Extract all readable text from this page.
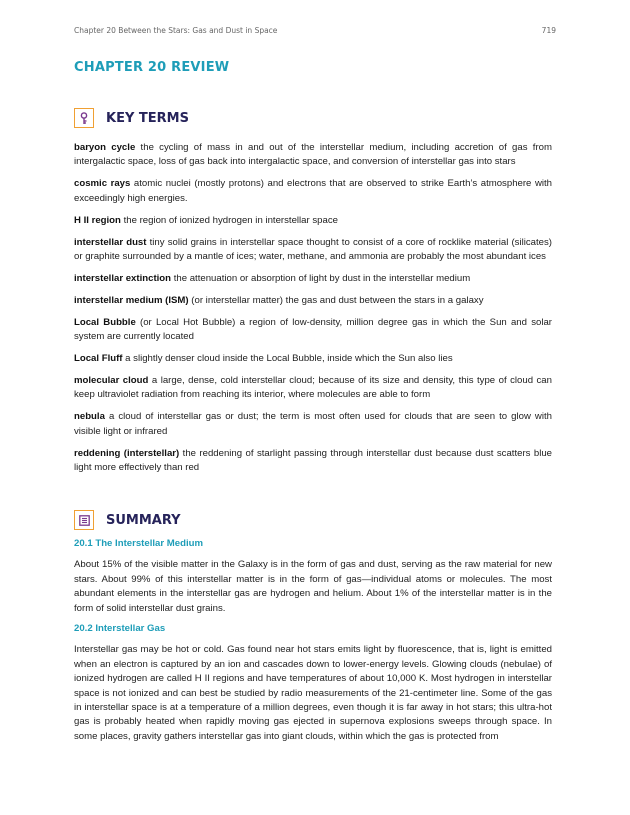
Chapter 20 Between the Stars: Gas and Dust in Space	719
CHAPTER 20 REVIEW
KEY TERMS

baryon cycle the cycling of mass in and out of the interstellar medium, including accretion of gas from intergalactic space, loss of gas back into intergalactic space, and conversion of interstellar gas into stars

cosmic rays atomic nuclei (mostly protons) and electrons that are observed to strike Earth’s atmosphere with exceedingly high energies.

H II region the region of ionized hydrogen in interstellar space

interstellar dust tiny solid grains in interstellar space thought to consist of a core of rocklike material (silicates) or graphite surrounded by a mantle of ices; water, methane, and ammonia are probably the most abundant ices

interstellar extinction the attenuation or absorption of light by dust in the interstellar medium

interstellar medium (ISM) (or interstellar matter) the gas and dust between the stars in a galaxy

Local Bubble (or Local Hot Bubble) a region of low-density, million degree gas in which the Sun and solar system are currently located

Local Fluff a slightly denser cloud inside the Local Bubble, inside which the Sun also lies

molecular cloud a large, dense, cold interstellar cloud; because of its size and density, this type of cloud can keep ultraviolet radiation from reaching its interior, where molecules are able to form

nebula a cloud of interstellar gas or dust; the term is most often used for clouds that are seen to glow with visible light or infrared

reddening (interstellar) the reddening of starlight passing through interstellar dust because dust scatters blue light more effectively than red

SUMMARY
20.1 The Interstellar Medium

About 15% of the visible matter in the Galaxy is in the form of gas and dust, serving as the raw material for new stars. About 99% of this interstellar matter is in the form of gas—individual atoms or molecules. The most abundant elements in the interstellar gas are hydrogen and helium. About 1% of the interstellar matter is in the form of solid interstellar dust grains.

20.2 Interstellar Gas

Interstellar gas may be hot or cold. Gas found near hot stars emits light by fluorescence, that is, light is emitted when an electron is captured by an ion and cascades down to lower-energy levels. Glowing clouds (nebulae) of ionized hydrogen are called H II regions and have temperatures of about 10,000 K. Most hydrogen in interstellar space is not ionized and can best be studied by radio measurements of the 21-centimeter line. Some of the gas in interstellar space is at a temperature of a million degrees, even though it is far away in hot stars; this ultra-hot gas is probably heated when rapidly moving gas ejected in supernova explosions sweeps through space. In some places, gravity gathers interstellar gas into giant clouds, within which the gas is protected from
